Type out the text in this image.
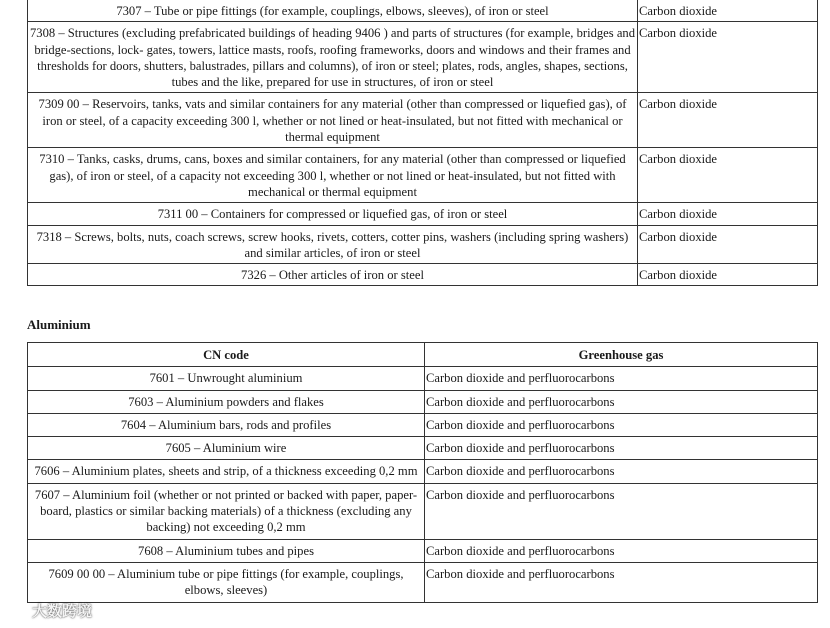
7307 – Tube or pipe fittings (for example, couplings, elbows, sleeves), of iron or steel	Carbon dioxide
7308 – Structures (excluding prefabricated buildings of heading 9406 ) and parts of structures (for example, bridges and bridge-sections, lock- gates, towers, lattice masts, roofs, roofing frameworks, doors and windows and their frames and thresholds for doors, shutters, balustrades, pillars and columns), of iron or steel; plates, rods, angles, shapes, sections, tubes and the like, prepared for use in structures, of iron or steel	Carbon dioxide
7309 00 – Reservoirs, tanks, vats and similar containers for any material (other than compressed or liquefied gas), of iron or steel, of a capacity exceeding 300 l, whether or not lined or heat-insulated, but not fitted with mechanical or thermal equipment	Carbon dioxide
7310 – Tanks, casks, drums, cans, boxes and similar containers, for any material (other than compressed or liquefied gas), of iron or steel, of a capacity not exceeding 300 l, whether or not lined or heat-insulated, but not fitted with mechanical or thermal equipment	Carbon dioxide
7311 00 – Containers for compressed or liquefied gas, of iron or steel	Carbon dioxide
7318 – Screws, bolts, nuts, coach screws, screw hooks, rivets, cotters, cotter pins, washers (including spring washers) and similar articles, of iron or steel	Carbon dioxide
7326 – Other articles of iron or steel	Carbon dioxide
Aluminium
CN code	Greenhouse gas
7601 – Unwrought aluminium	Carbon dioxide and perfluorocarbons
7603 – Aluminium powders and flakes	Carbon dioxide and perfluorocarbons
7604 – Aluminium bars, rods and profiles	Carbon dioxide and perfluorocarbons
7605 – Aluminium wire	Carbon dioxide and perfluorocarbons
7606 – Aluminium plates, sheets and strip, of a thickness exceeding 0,2 mm	Carbon dioxide and perfluorocarbons
7607 – Aluminium foil (whether or not printed or backed with paper, paper-board, plastics or similar backing materials) of a thickness (excluding any backing) not exceeding 0,2 mm	Carbon dioxide and perfluorocarbons
7608 – Aluminium tubes and pipes	Carbon dioxide and perfluorocarbons
7609 00 00 – Aluminium tube or pipe fittings (for example, couplings, elbows, sleeves)	Carbon dioxide and perfluorocarbons
大数跨境
